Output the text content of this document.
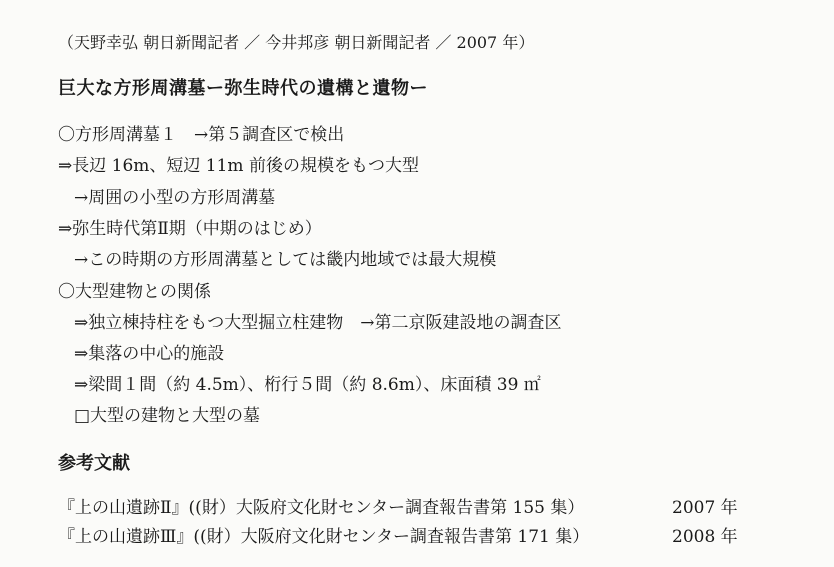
（天野幸弘 朝日新聞記者 ／ 今井邦彦 朝日新聞記者 ／ 2007 年）
巨大な方形周溝墓ー弥生時代の遺構と遺物ー
〇方形周溝墓１　→第５調査区で検出
⇒長辺 16m、短辺 11m 前後の規模をもつ大型
→周囲の小型の方形周溝墓
⇒弥生時代第Ⅱ期（中期のはじめ）
→この時期の方形周溝墓としては畿内地域では最大規模
〇大型建物との関係
⇒独立棟持柱をもつ大型掘立柱建物　→第二京阪建設地の調査区
⇒集落の中心的施設
⇒梁間１間（約 4.5m）、桁行５間（約 8.6m）、床面積 39 ㎡
□大型の建物と大型の墓
参考文献
『上の山遺跡Ⅱ』((財）大阪府文化財センター調査報告書第 155 集）	2007 年
『上の山遺跡Ⅲ』((財）大阪府文化財センター調査報告書第 171 集）	2008 年
